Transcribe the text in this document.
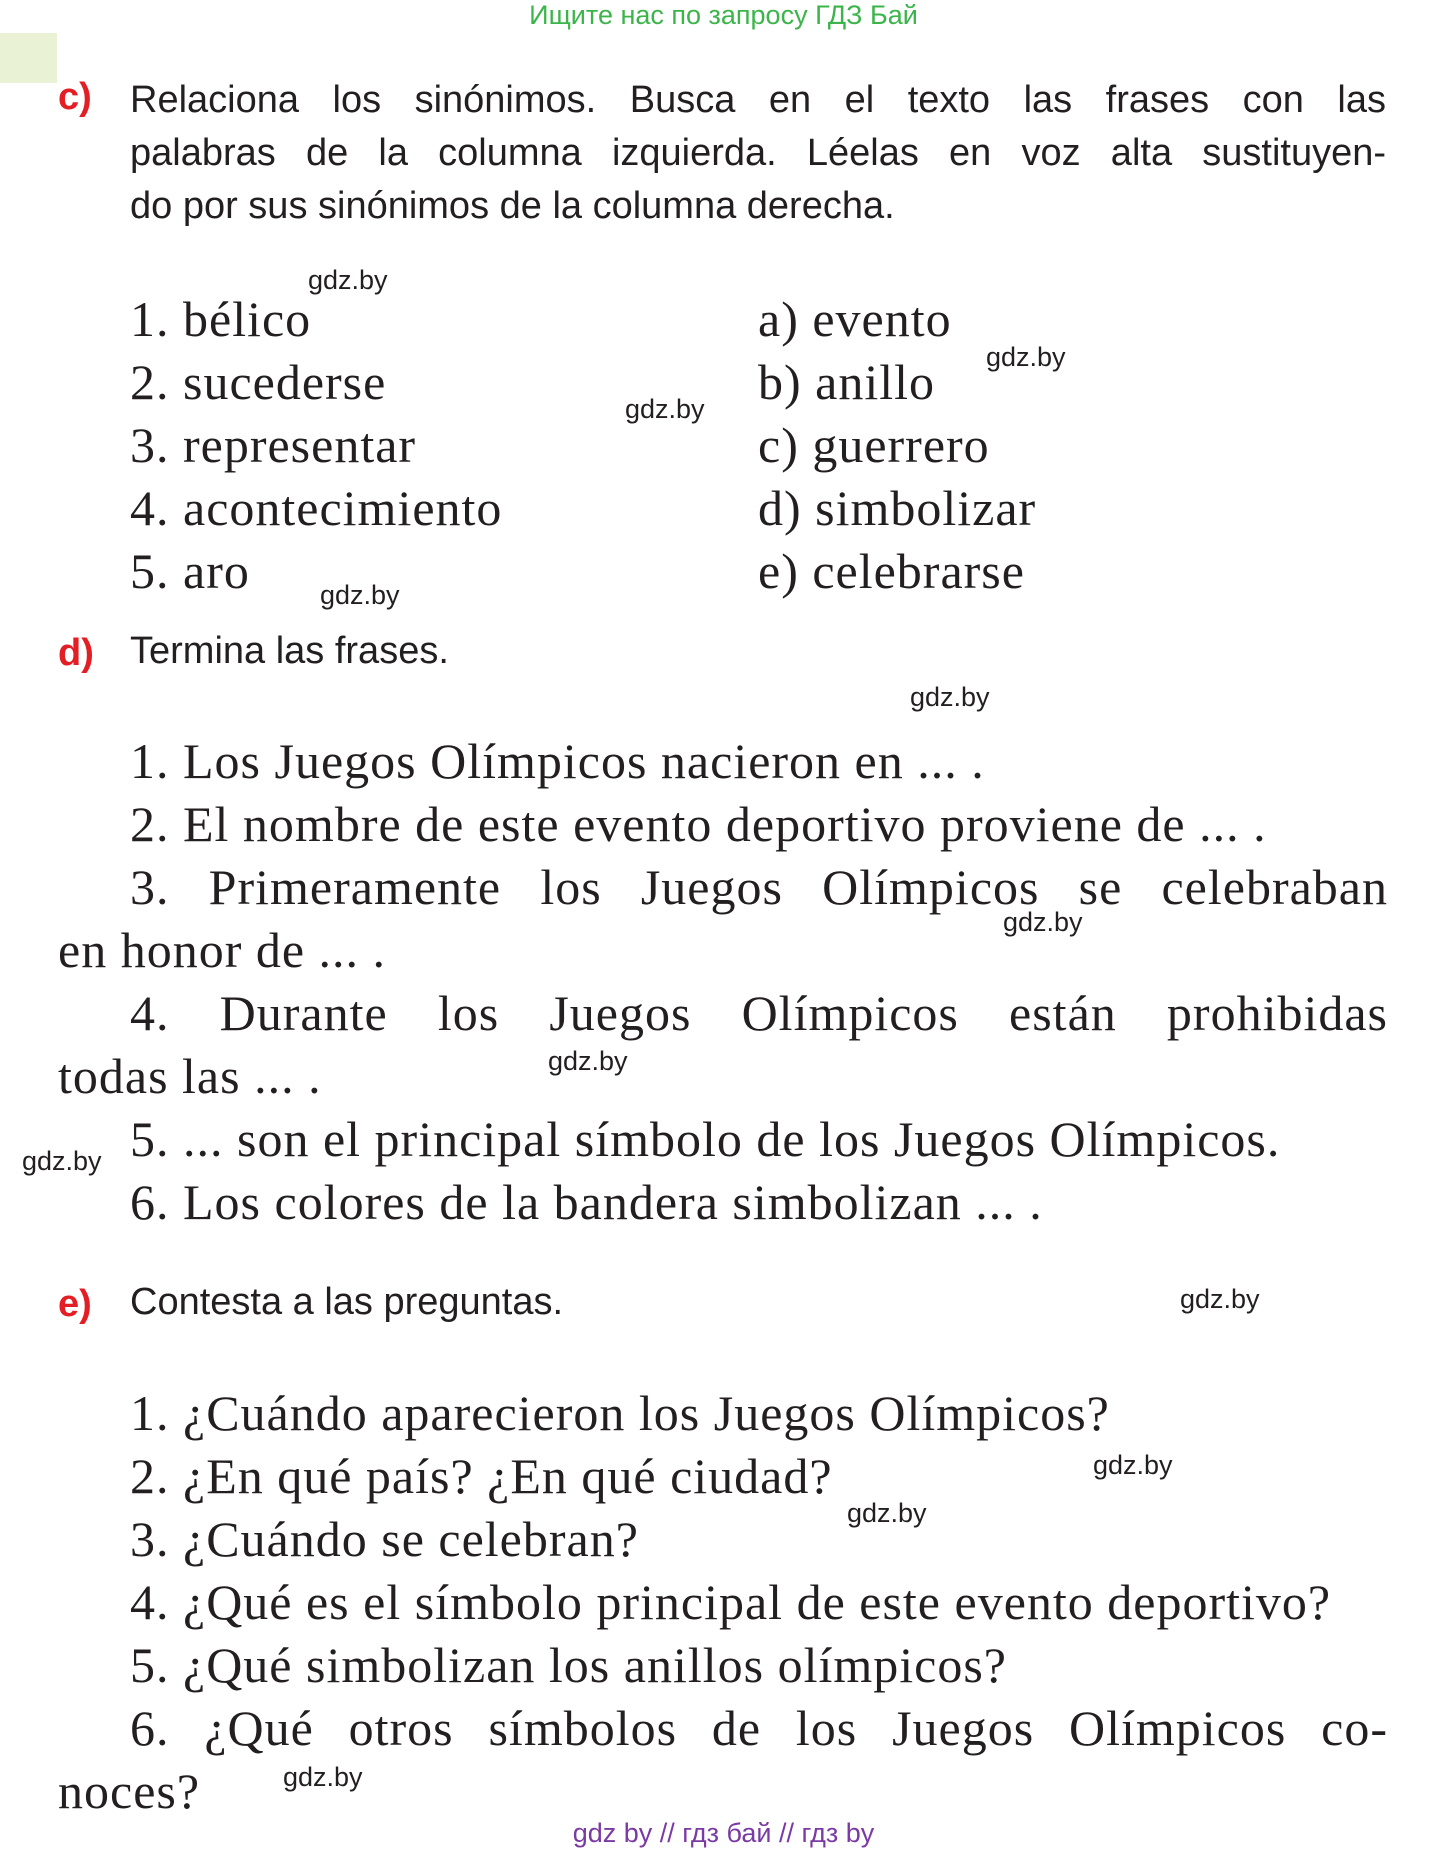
Ищите нас по запросу ГДЗ Бай
c) Relaciona los sinónimos. Busca en el texto las frases con las
palabras de la columna izquierda. Léelas en voz alta sustituyen-
do por sus sinónimos de la columna derecha.
1. bélico
2. sucederse
3. representar
4. acontecimiento
5. aro
a) evento
b) anillo
c) guerrero
d) simbolizar
e) celebrarse
d) Termina las frases.
1. Los Juegos Olímpicos nacieron en ... .
2. El nombre de este evento deportivo proviene de ... .
3. Primeramente los Juegos Olímpicos se celebraban
en honor de ... .
4. Durante los Juegos Olímpicos están prohibidas
todas las ... .
5. ... son el principal símbolo de los Juegos Olímpicos.
6. Los colores de la bandera simbolizan ... .
e) Contesta a las preguntas.
1. ¿Cuándo aparecieron los Juegos Olímpicos?
2. ¿En qué país? ¿En qué ciudad?
3. ¿Cuándo se celebran?
4. ¿Qué es el símbolo principal de este evento deportivo?
5. ¿Qué simbolizan los anillos olímpicos?
6. ¿Qué otros símbolos de los Juegos Olímpicos co-
noces?
gdz.by
gdz.by
gdz.by
gdz.by
gdz.by
gdz.by
gdz.by
gdz.by
gdz.by
gdz.by
gdz.by
gdz.by
gdz by // гдз бай // гдз by
